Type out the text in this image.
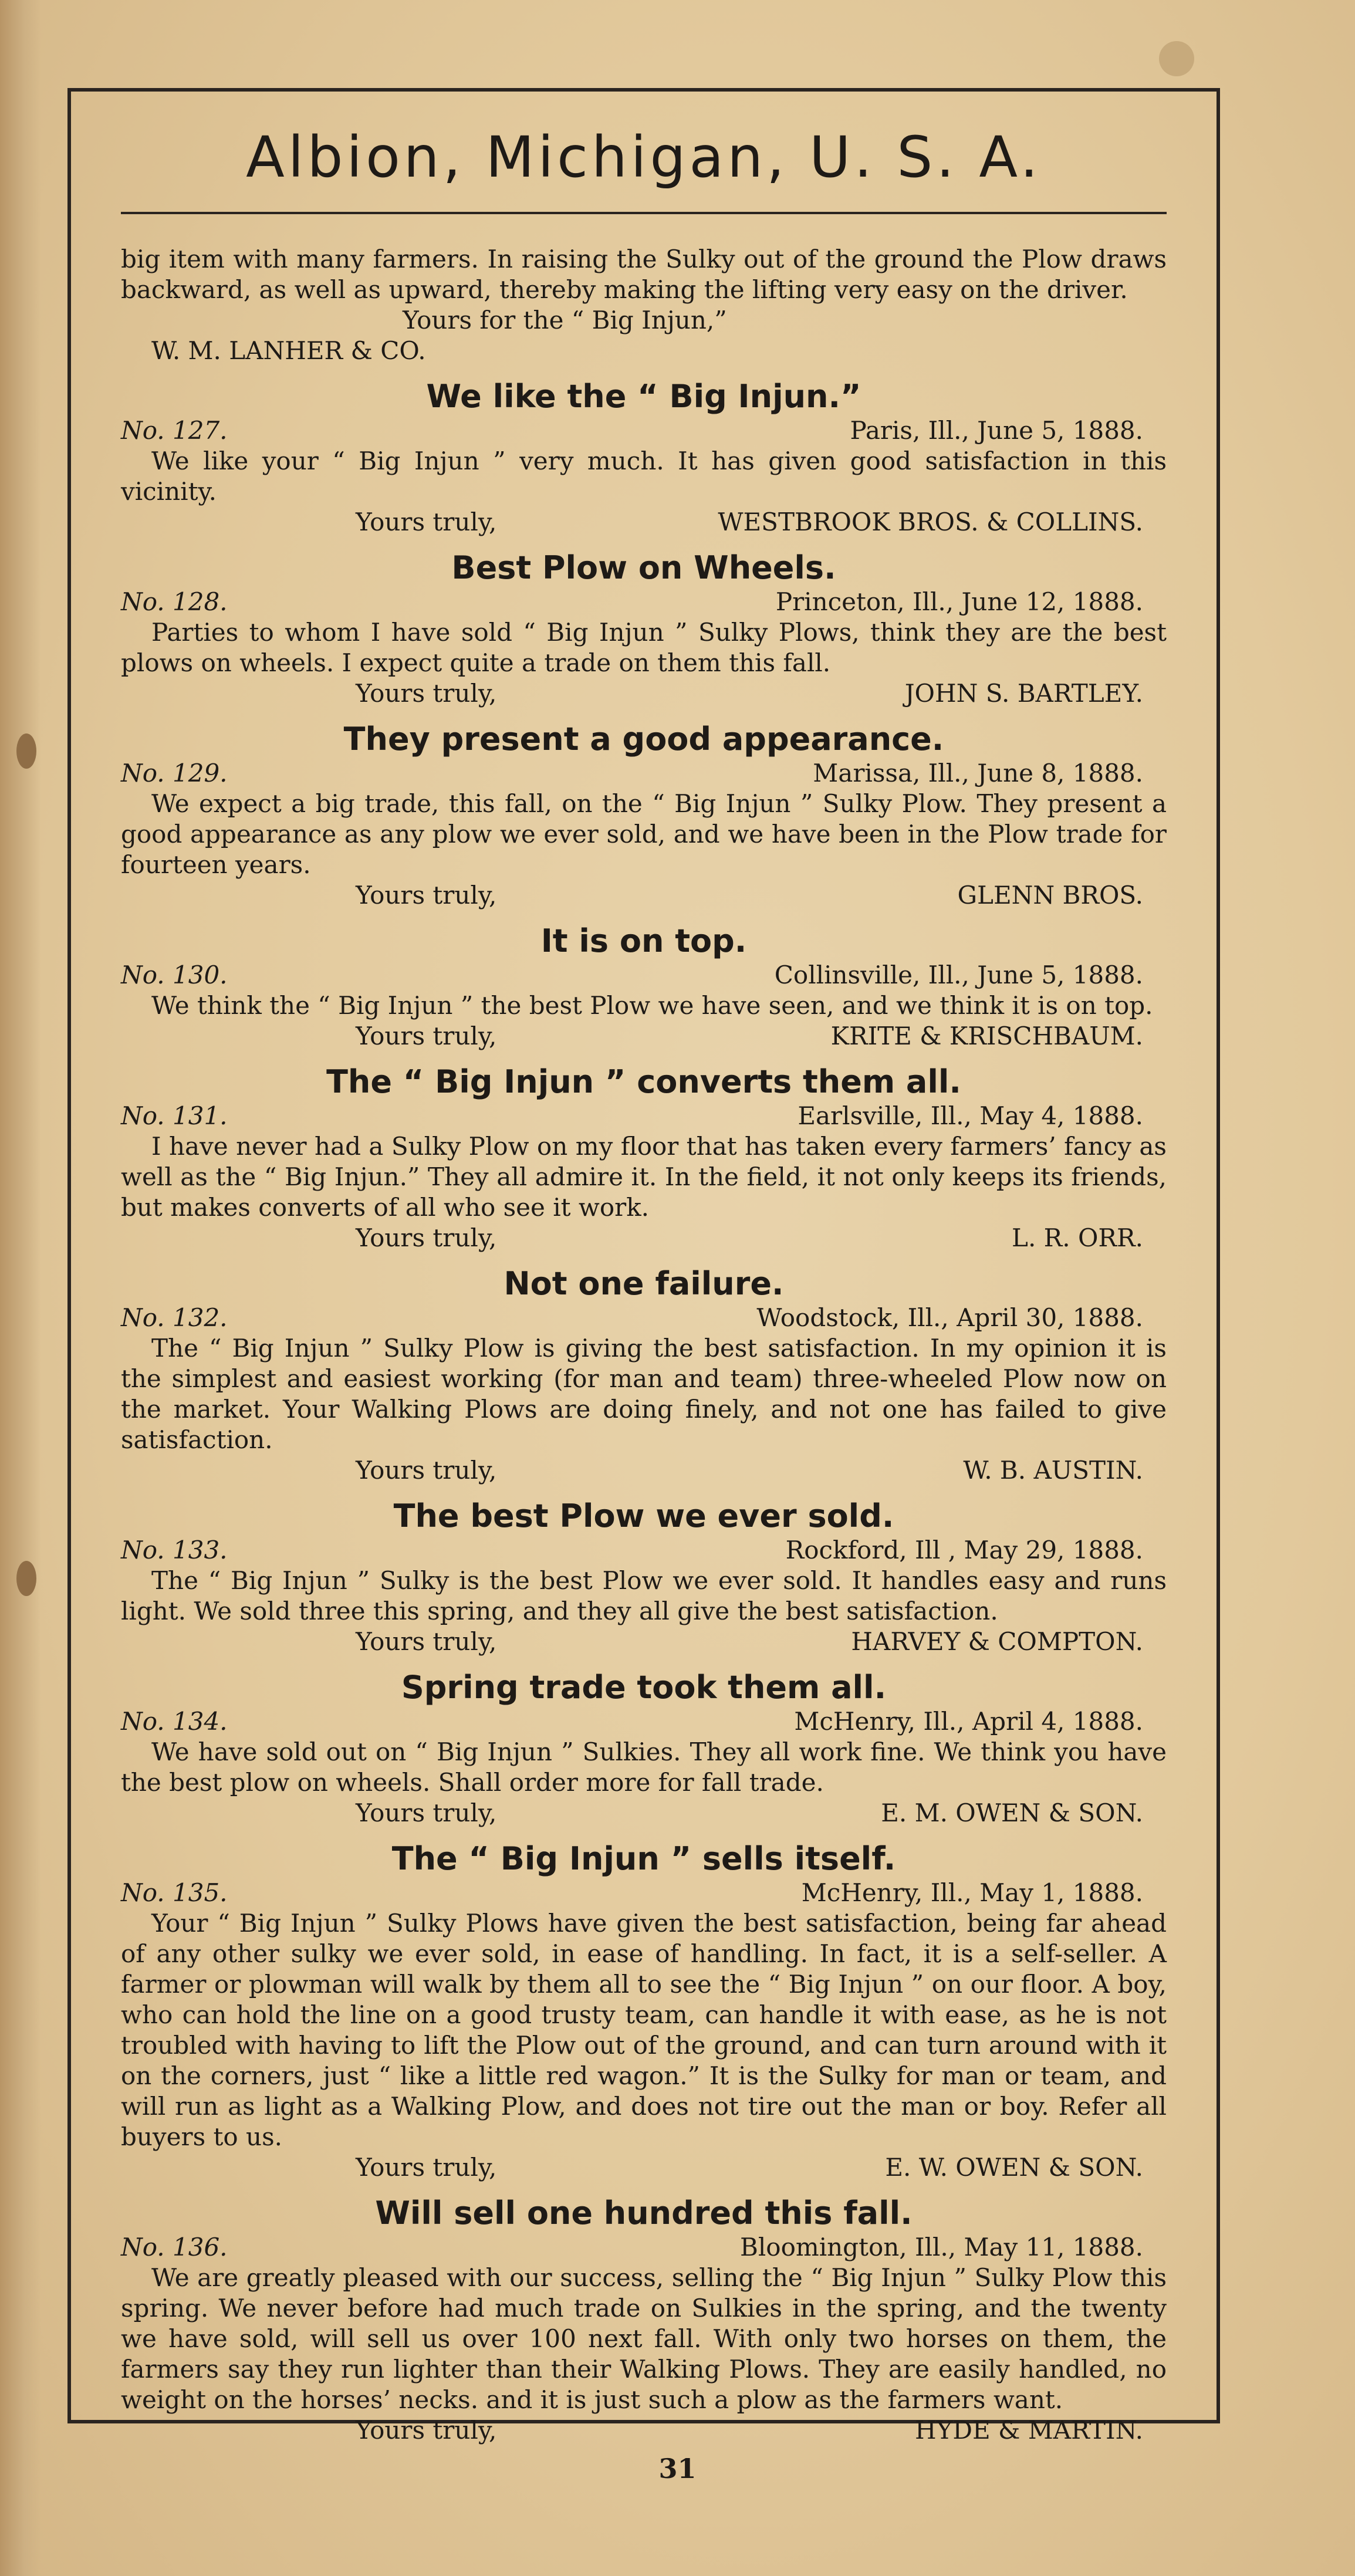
Albion, Michigan, U. S. A.

big item with many farmers. In raising the Sulky out of the ground the Plow draws backward, as well as upward, thereby making the lifting very easy on the driver.

Yours for the “ Big Injun,”

W. M. LANHER & CO.

We like the “ Big Injun.”
No. 127.	Paris, Ill., June 5, 1888.

We like your “ Big Injun ” very much. It has given good satisfaction in this vicinity.

Yours truly,	WESTBROOK BROS. & COLLINS.
Best Plow on Wheels.
No. 128.	Princeton, Ill., June 12, 1888.

Parties to whom I have sold “ Big Injun ” Sulky Plows, think they are the best plows on wheels. I expect quite a trade on them this fall.

Yours truly,	JOHN S. BARTLEY.
They present a good appearance.
No. 129.	Marissa, Ill., June 8, 1888.

We expect a big trade, this fall, on the “ Big Injun ” Sulky Plow. They present a good appearance as any plow we ever sold, and we have been in the Plow trade for fourteen years.

Yours truly,	GLENN BROS.
It is on top.
No. 130.	Collinsville, Ill., June 5, 1888.

We think the “ Big Injun ” the best Plow we have seen, and we think it is on top.

Yours truly,	KRITE & KRISCHBAUM.
The “ Big Injun ” converts them all.
No. 131.	Earlsville, Ill., May 4, 1888.

I have never had a Sulky Plow on my floor that has taken every farmers’ fancy as well as the “ Big Injun.” They all admire it. In the field, it not only keeps its friends, but makes converts of all who see it work.

Yours truly,	L. R. ORR.
Not one failure.
No. 132.	Woodstock, Ill., April 30, 1888.

The “ Big Injun ” Sulky Plow is giving the best satisfaction. In my opinion it is the simplest and easiest working (for man and team) three-wheeled Plow now on the market. Your Walking Plows are doing finely, and not one has failed to give satisfaction.

Yours truly,	W. B. AUSTIN.
The best Plow we ever sold.
No. 133.	Rockford, Ill , May 29, 1888.

The “ Big Injun ” Sulky is the best Plow we ever sold. It handles easy and runs light. We sold three this spring, and they all give the best satisfaction.

Yours truly,	HARVEY & COMPTON.
Spring trade took them all.
No. 134.	McHenry, Ill., April 4, 1888.

We have sold out on “ Big Injun ” Sulkies. They all work fine. We think you have the best plow on wheels. Shall order more for fall trade.

Yours truly,	E. M. OWEN & SON.
The “ Big Injun ” sells itself.
No. 135.	McHenry, Ill., May 1, 1888.

Your “ Big Injun ” Sulky Plows have given the best satisfaction, being far ahead of any other sulky we ever sold, in ease of handling. In fact, it is a self-seller. A farmer or plowman will walk by them all to see the “ Big Injun ” on our floor. A boy, who can hold the line on a good trusty team, can handle it with ease, as he is not troubled with having to lift the Plow out of the ground, and can turn around with it on the corners, just “ like a little red wagon.” It is the Sulky for man or team, and will run as light as a Walking Plow, and does not tire out the man or boy. Refer all buyers to us.

Yours truly,	E. W. OWEN & SON.
Will sell one hundred this fall.
No. 136.	Bloomington, Ill., May 11, 1888.

We are greatly pleased with our success, selling the “ Big Injun ” Sulky Plow this spring. We never before had much trade on Sulkies in the spring, and the twenty we have sold, will sell us over 100 next fall. With only two horses on them, the farmers say they run lighter than their Walking Plows. They are easily handled, no weight on the horses’ necks. and it is just such a plow as the farmers want.

Yours truly,	HYDE & MARTIN.
31
